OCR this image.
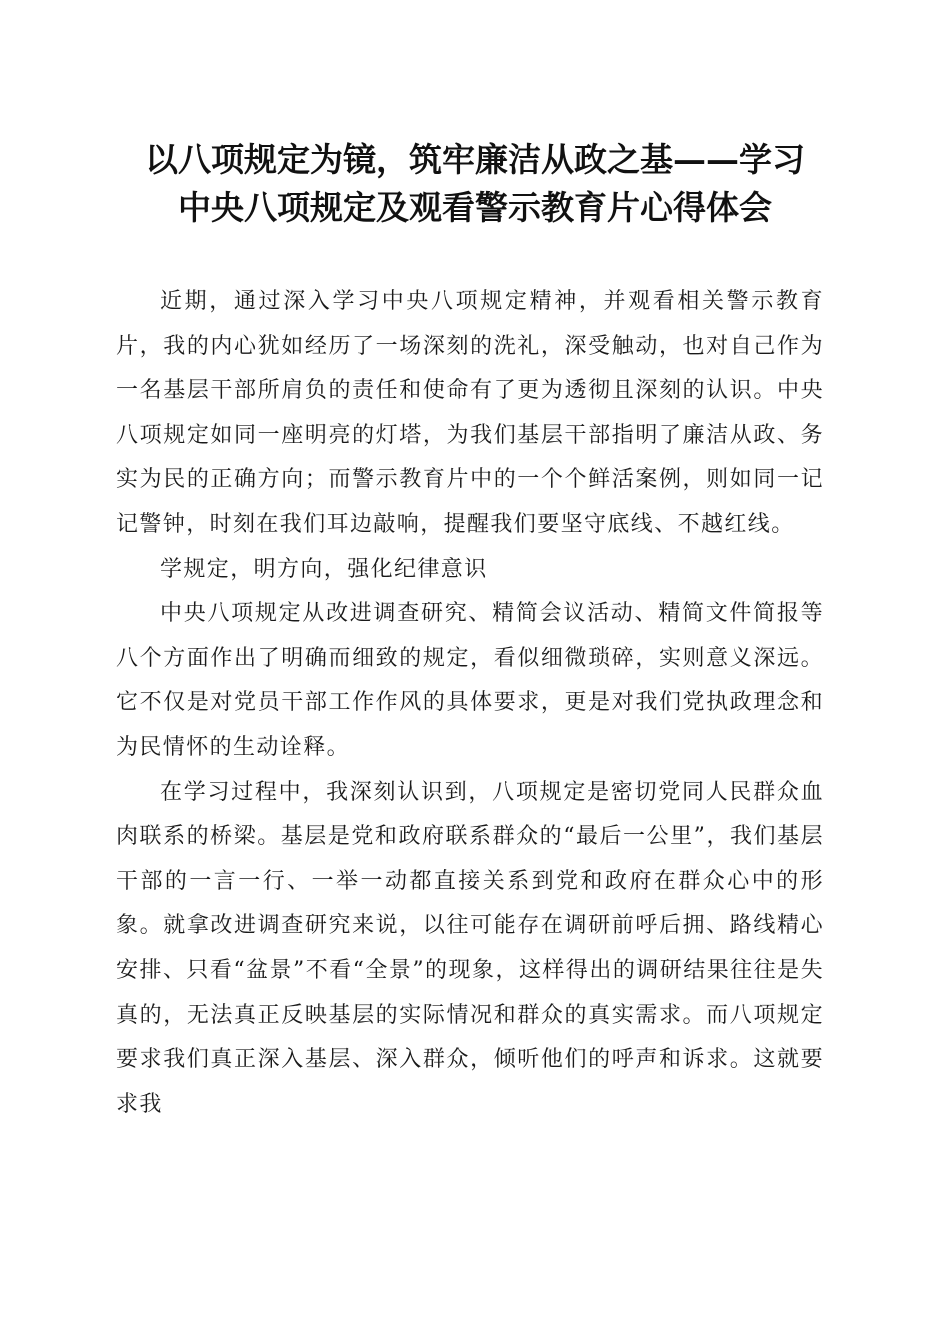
以八项规定为镜，筑牢廉洁从政之基——学习
中央八项规定及观看警示教育片心得体会

近期，通过深入学习中央八项规定精神，并观看相关警示教育片，我的内心犹如经历了一场深刻的洗礼，深受触动，也对自己作为一名基层干部所肩负的责任和使命有了更为透彻且深刻的认识。中央八项规定如同一座明亮的灯塔，为我们基层干部指明了廉洁从政、务实为民的正确方向；而警示教育片中的一个个鲜活案例，则如同一记记警钟，时刻在我们耳边敲响，提醒我们要坚守底线、不越红线。

学规定，明方向，强化纪律意识

中央八项规定从改进调查研究、精简会议活动、精简文件简报等八个方面作出了明确而细致的规定，看似细微琐碎，实则意义深远。它不仅是对党员干部工作作风的具体要求，更是对我们党执政理念和为民情怀的生动诠释。

在学习过程中，我深刻认识到，八项规定是密切党同人民群众血肉联系的桥梁。基层是党和政府联系群众的“最后一公里”，我们基层干部的一言一行、一举一动都直接关系到党和政府在群众心中的形象。就拿改进调查研究来说，以往可能存在调研前呼后拥、路线精心安排、只看“盆景”不看“全景”的现象，这样得出的调研结果往往是失真的，无法真正反映基层的实际情况和群众的真实需求。而八项规定要求我们真正深入基层、深入群众，倾听他们的呼声和诉求。这就要求我
